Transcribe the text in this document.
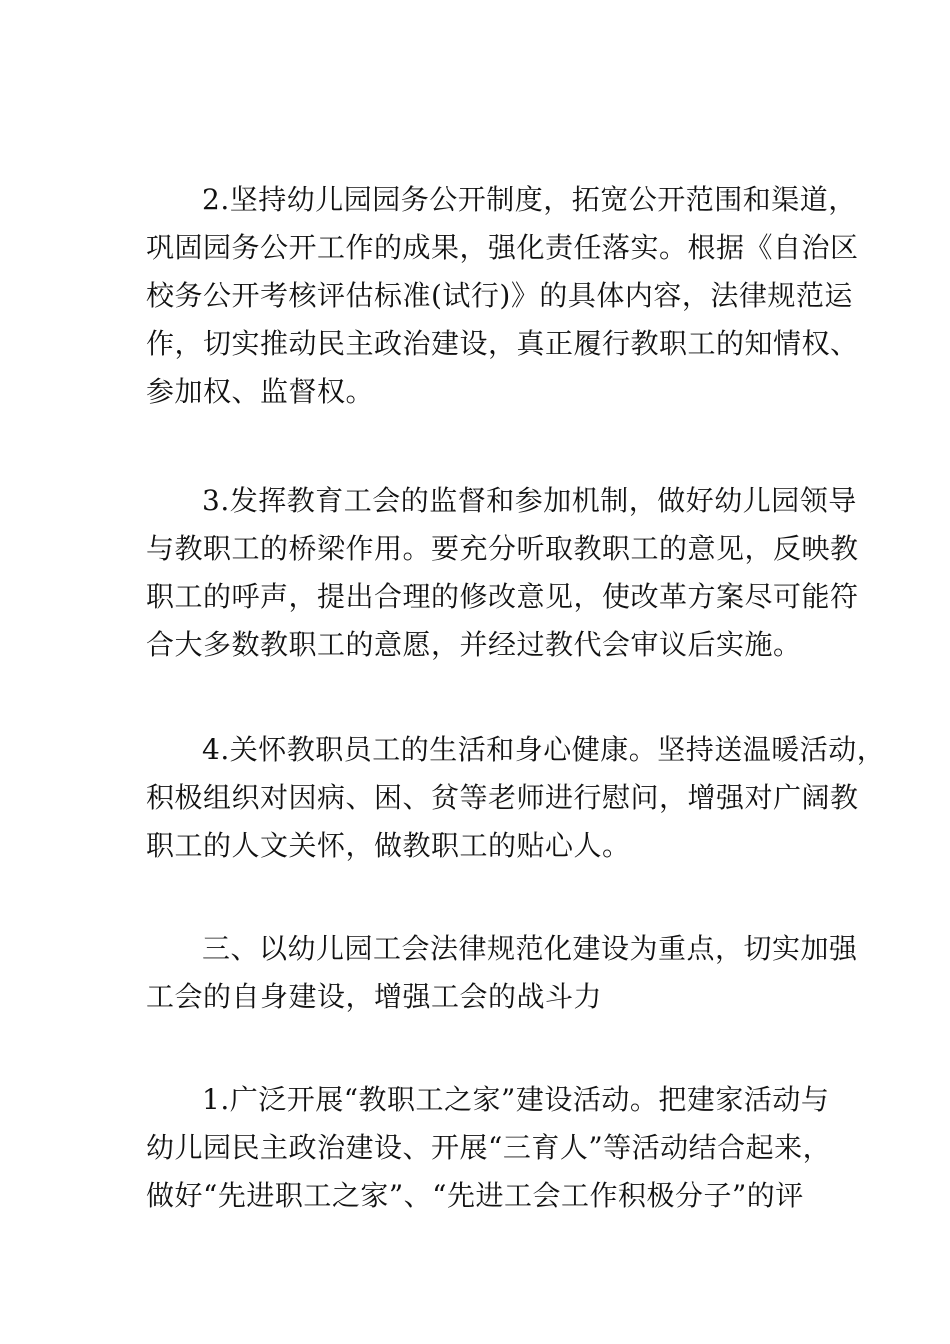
2.坚持幼儿园园务公开制度，拓宽公开范围和渠道，
巩固园务公开工作的成果，强化责任落实。根据《自治区
校务公开考核评估标准(试行)》的具体内容，法律规范运
作，切实推动民主政治建设，真正履行教职工的知情权、
参加权、监督权。
3.发挥教育工会的监督和参加机制，做好幼儿园领导
与教职工的桥梁作用。要充分听取教职工的意见，反映教
职工的呼声，提出合理的修改意见，使改革方案尽可能符
合大多数教职工的意愿，并经过教代会审议后实施。
4.关怀教职员工的生活和身心健康。坚持送温暖活动，
积极组织对因病、困、贫等老师进行慰问，增强对广阔教
职工的人文关怀，做教职工的贴心人。
三、以幼儿园工会法律规范化建设为重点，切实加强
工会的自身建设，增强工会的战斗力
1.广泛开展“教职工之家”建设活动。把建家活动与
幼儿园民主政治建设、开展“三育人”等活动结合起来，
做好“先进职工之家”、“先进工会工作积极分子”的评
